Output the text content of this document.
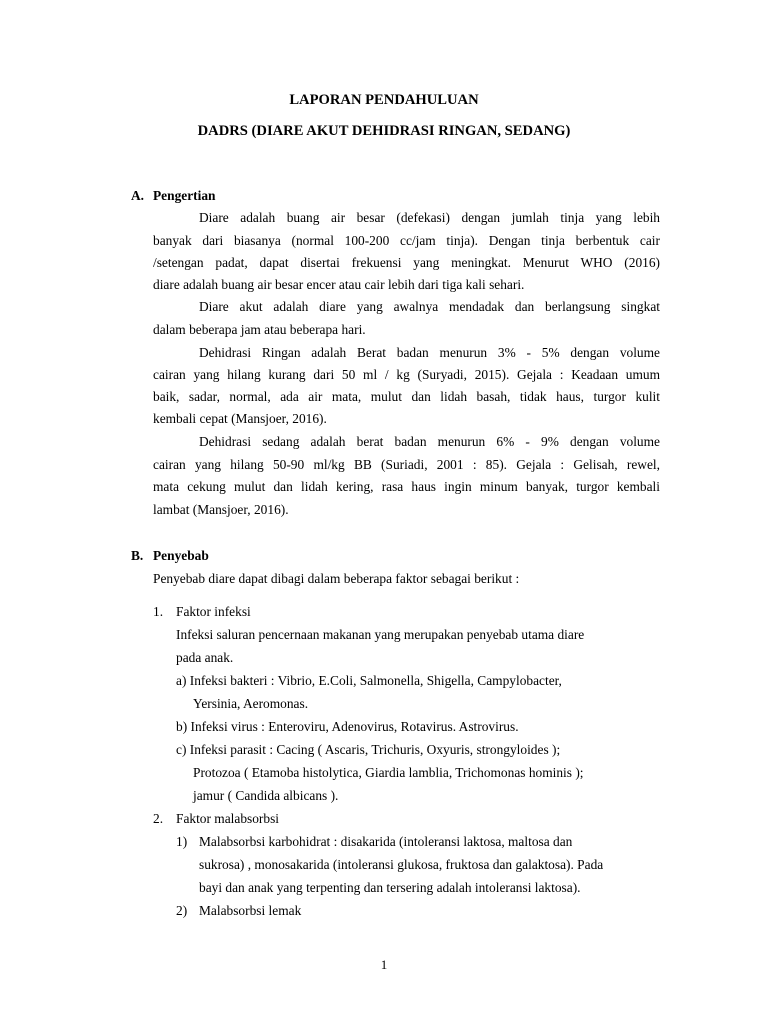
LAPORAN PENDAHULUAN
DADRS (DIARE AKUT DEHIDRASI RINGAN, SEDANG)
A. Pengertian
Diare adalah buang air besar (defekasi) dengan jumlah tinja yang lebih
banyak dari biasanya (normal 100-200 cc/jam tinja). Dengan tinja berbentuk cair
/setengan padat, dapat disertai frekuensi yang meningkat. Menurut WHO (2016)
diare adalah buang air besar encer atau cair lebih dari tiga kali sehari.
Diare akut adalah diare yang awalnya mendadak dan berlangsung singkat
dalam beberapa jam atau beberapa hari.
Dehidrasi Ringan adalah Berat badan menurun 3% - 5% dengan volume
cairan yang hilang kurang dari 50 ml / kg (Suryadi, 2015). Gejala : Keadaan umum
baik, sadar, normal, ada air mata, mulut dan lidah basah, tidak haus, turgor kulit
kembali cepat (Mansjoer, 2016).
Dehidrasi sedang adalah berat badan menurun 6% - 9% dengan volume
cairan yang hilang 50-90 ml/kg BB (Suriadi, 2001 : 85). Gejala : Gelisah, rewel,
mata cekung mulut dan lidah kering, rasa haus ingin minum banyak, turgor kembali
lambat (Mansjoer, 2016).
B. Penyebab
Penyebab diare dapat dibagi dalam beberapa faktor sebagai berikut :
1. Faktor infeksi
Infeksi saluran pencernaan makanan yang merupakan penyebab utama diare
pada anak.
a) Infeksi bakteri : Vibrio, E.Coli, Salmonella, Shigella, Campylobacter,
Yersinia, Aeromonas.
b) Infeksi virus : Enteroviru, Adenovirus, Rotavirus. Astrovirus.
c) Infeksi parasit : Cacing ( Ascaris, Trichuris, Oxyuris, strongyloides );
Protozoa ( Etamoba histolytica, Giardia lamblia, Trichomonas hominis );
jamur ( Candida albicans ).
2. Faktor malabsorbsi
1) Malabsorbsi karbohidrat : disakarida (intoleransi laktosa, maltosa dan
sukrosa) , monosakarida (intoleransi glukosa, fruktosa dan galaktosa). Pada
bayi dan anak yang terpenting dan tersering adalah intoleransi laktosa).
2) Malabsorbsi lemak
1
